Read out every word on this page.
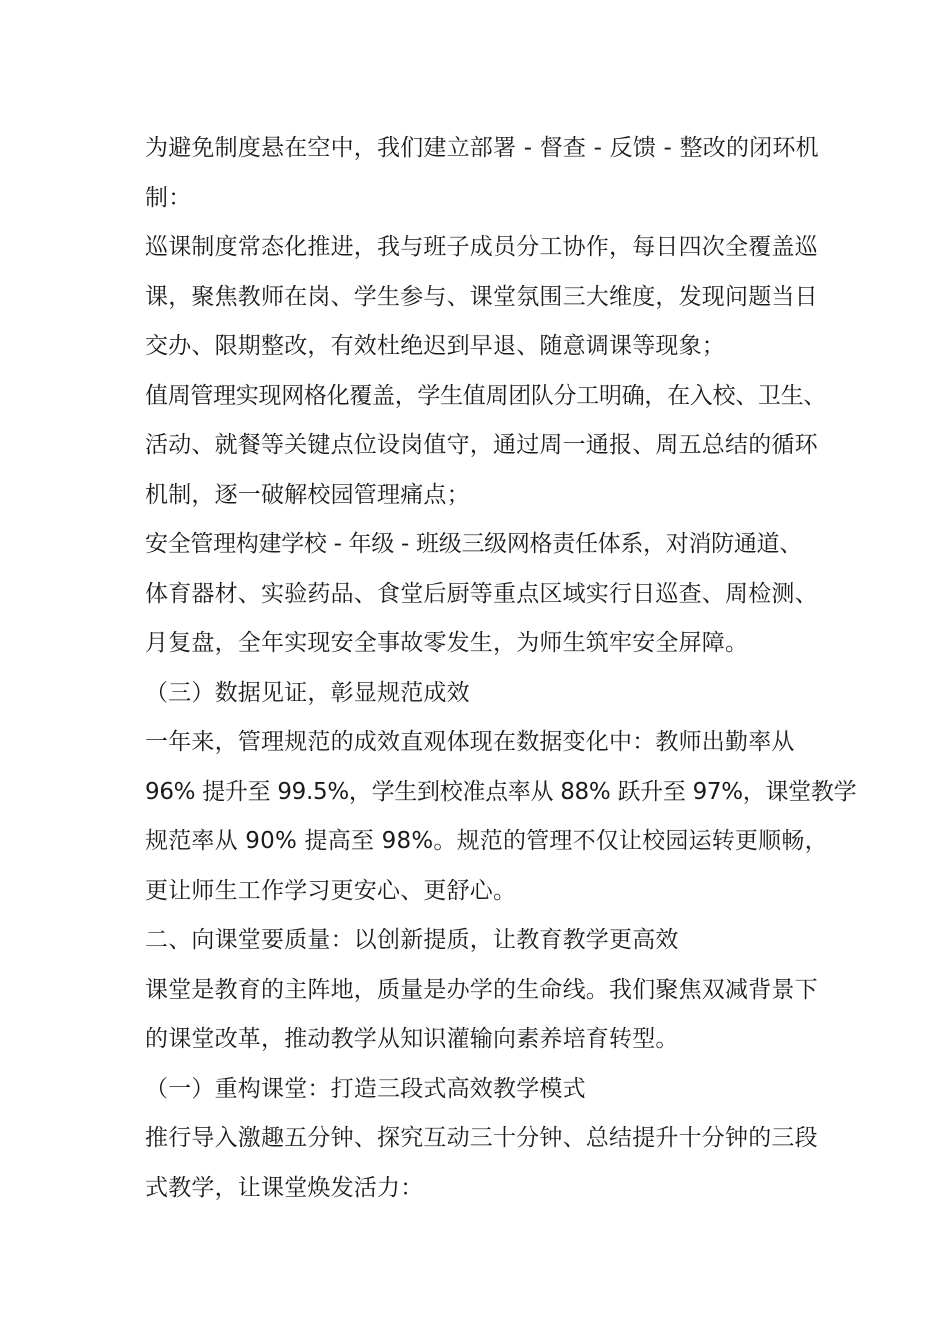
为避免制度悬在空中，我们建立部署 - 督查 - 反馈 - 整改的闭环机
制：
巡课制度常态化推进，我与班子成员分工协作，每日四次全覆盖巡
课，聚焦教师在岗、学生参与、课堂氛围三大维度，发现问题当日
交办、限期整改，有效杜绝迟到早退、随意调课等现象；
值周管理实现网格化覆盖，学生值周团队分工明确，在入校、卫生、
活动、就餐等关键点位设岗值守，通过周一通报、周五总结的循环
机制，逐一破解校园管理痛点；
安全管理构建学校 - 年级 - 班级三级网格责任体系，对消防通道、
体育器材、实验药品、食堂后厨等重点区域实行日巡查、周检测、
月复盘，全年实现安全事故零发生，为师生筑牢安全屏障。
（三）数据见证，彰显规范成效
一年来，管理规范的成效直观体现在数据变化中：教师出勤率从
96% 提升至 99.5%，学生到校准点率从 88% 跃升至 97%，课堂教学
规范率从 90% 提高至 98%。规范的管理不仅让校园运转更顺畅，
更让师生工作学习更安心、更舒心。
二、向课堂要质量：以创新提质，让教育教学更高效
课堂是教育的主阵地，质量是办学的生命线。我们聚焦双减背景下
的课堂改革，推动教学从知识灌输向素养培育转型。
（一）重构课堂：打造三段式高效教学模式
推行导入激趣五分钟、探究互动三十分钟、总结提升十分钟的三段
式教学，让课堂焕发活力：
